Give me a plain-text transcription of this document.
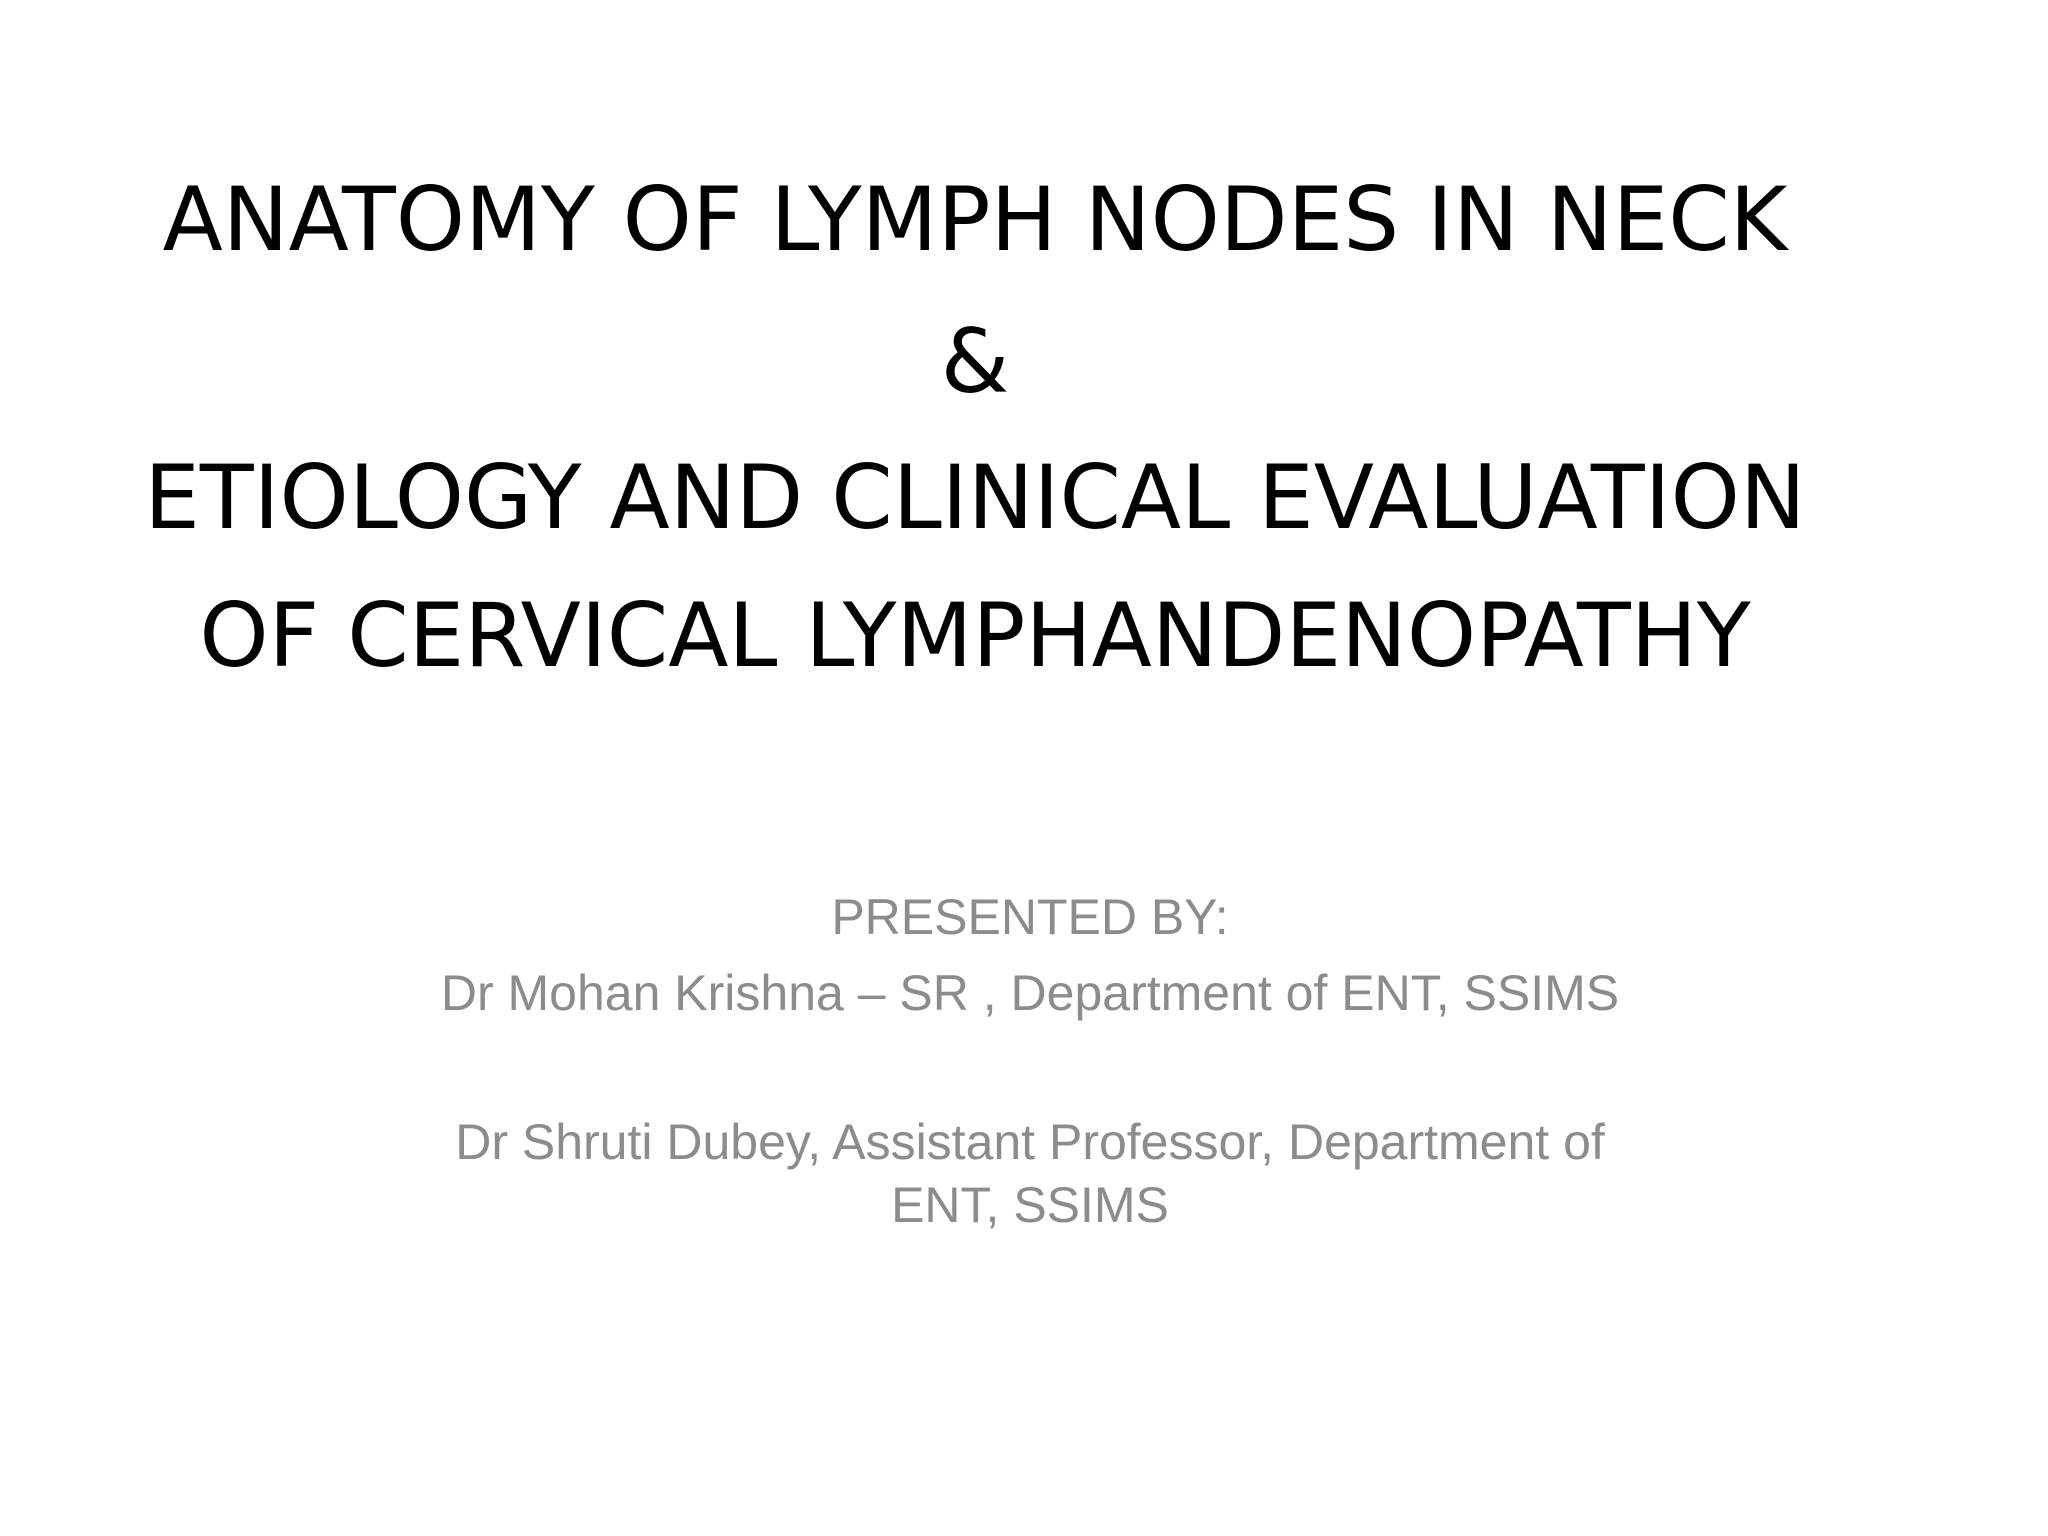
ANATOMY OF LYMPH NODES IN NECK
&
ETIOLOGY AND CLINICAL EVALUATION
OF CERVICAL LYMPHANDENOPATHY
PRESENTED BY:
Dr Mohan Krishna – SR , Department of ENT, SSIMS
Dr Shruti Dubey, Assistant Professor, Department of
ENT, SSIMS
